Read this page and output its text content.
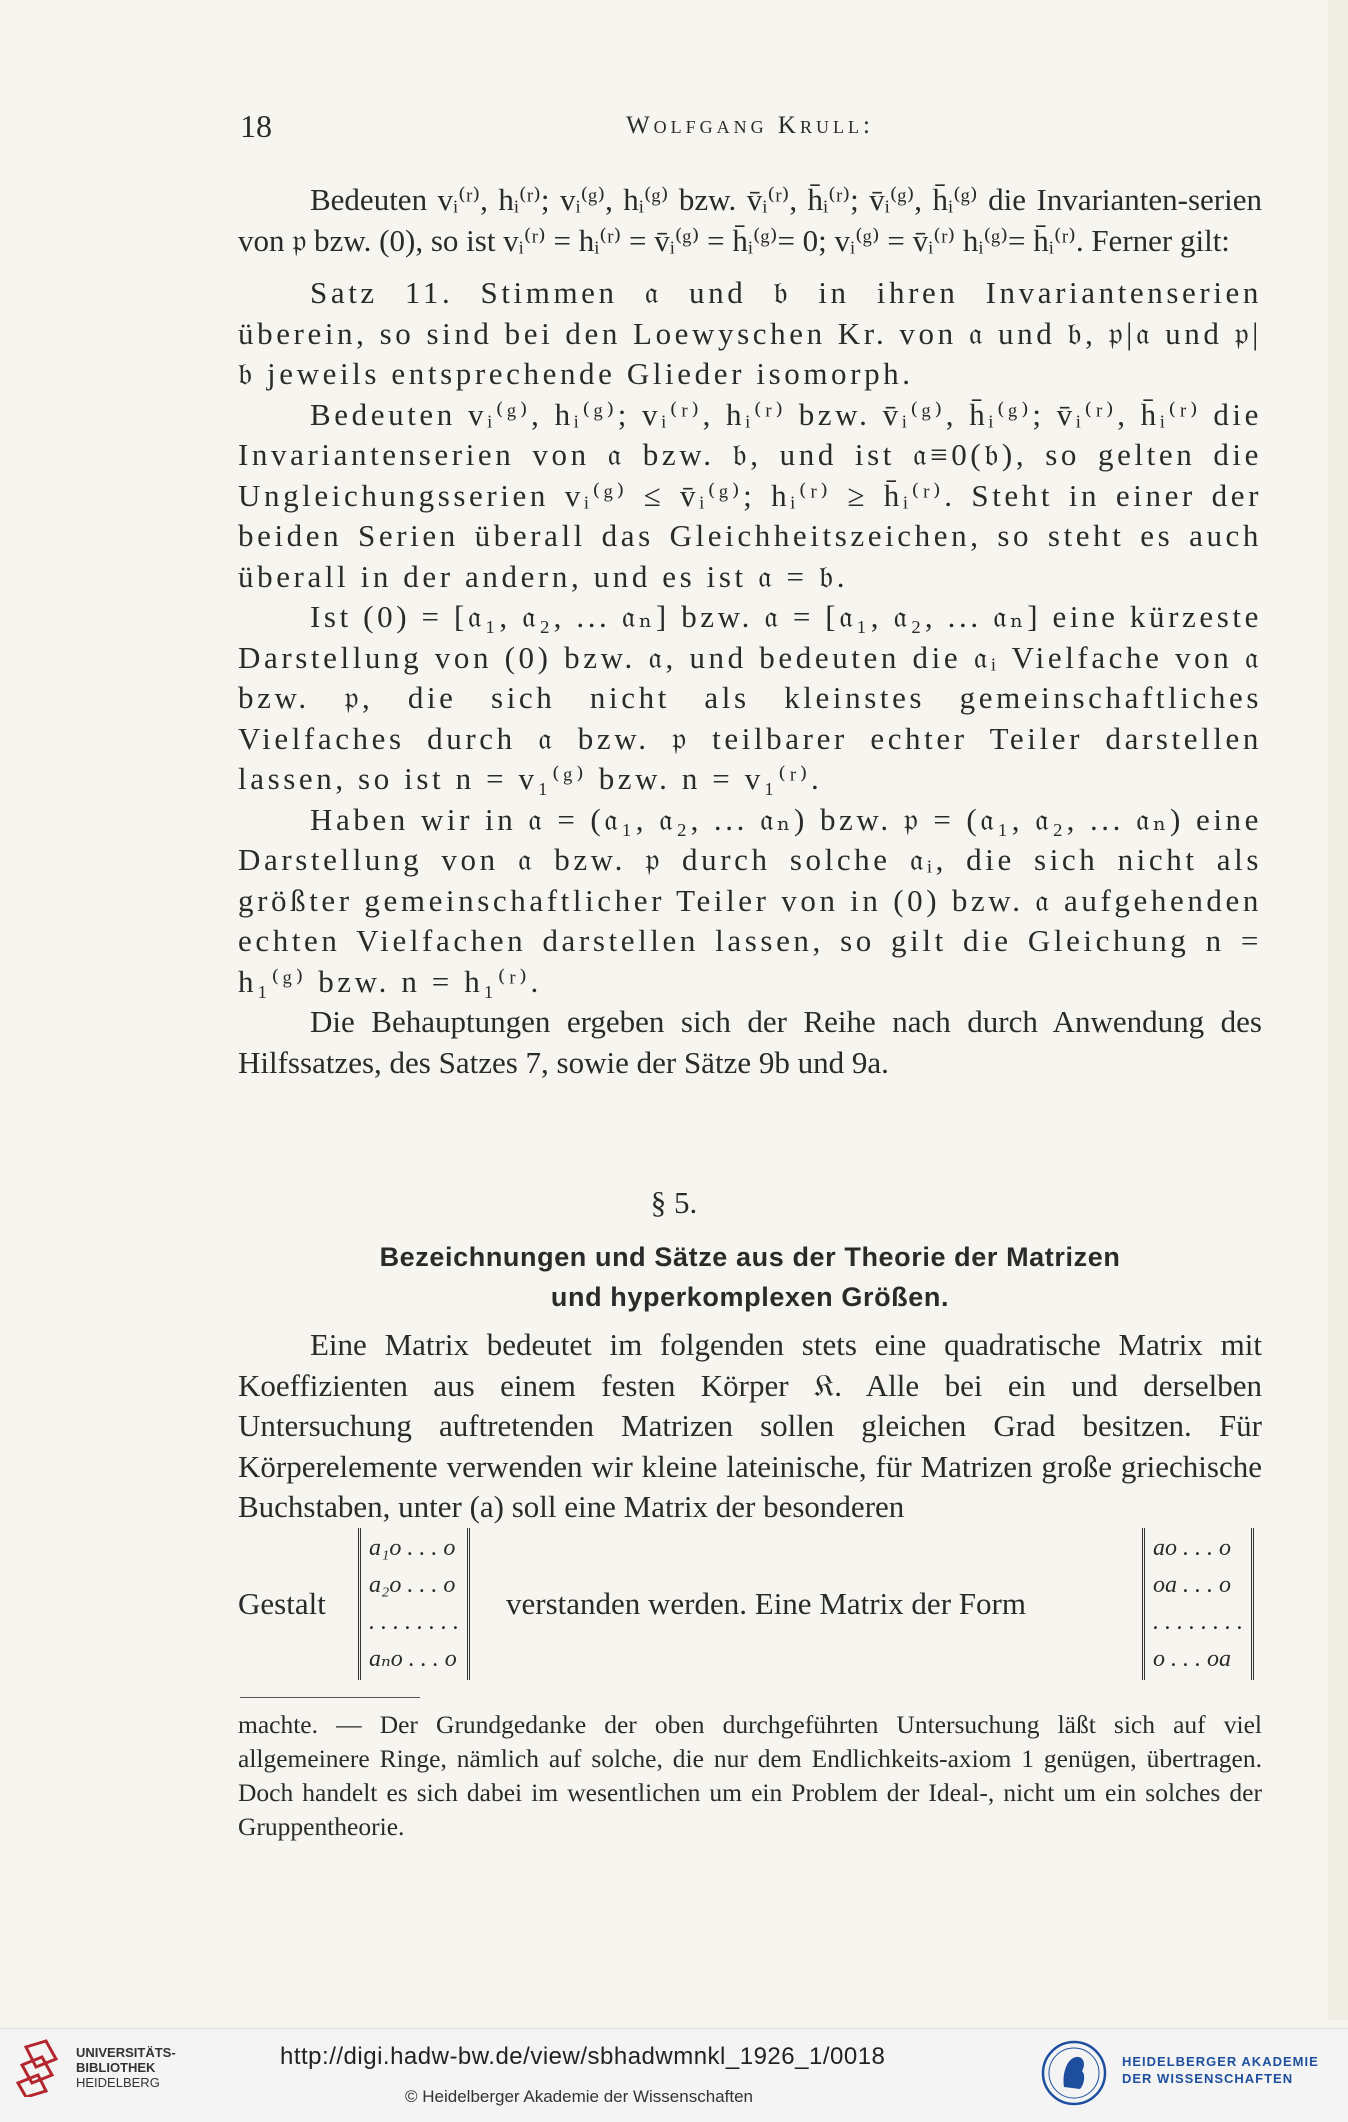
18	Wolfgang Krull:

Bedeuten vᵢ⁽ʳ⁾, hᵢ⁽ʳ⁾; vᵢ⁽ᵍ⁾, hᵢ⁽ᵍ⁾ bzw. v̄ᵢ⁽ʳ⁾, h̄ᵢ⁽ʳ⁾; v̄ᵢ⁽ᵍ⁾, h̄ᵢ⁽ᵍ⁾ die Invarianten-serien von 𝔭 bzw. (0), so ist vᵢ⁽ʳ⁾ = hᵢ⁽ʳ⁾ = v̄ᵢ⁽ᵍ⁾ = h̄ᵢ⁽ᵍ⁾= 0; vᵢ⁽ᵍ⁾ = v̄ᵢ⁽ʳ⁾ hᵢ⁽ᵍ⁾= h̄ᵢ⁽ʳ⁾. Ferner gilt:

Satz 11. Stimmen 𝔞 und 𝔟 in ihren Invariantenserien überein, so sind bei den Loewyschen Kr. von 𝔞 und 𝔟, 𝔭|𝔞 und 𝔭|𝔟 jeweils entsprechende Glieder isomorph.

Bedeuten vᵢ⁽ᵍ⁾, hᵢ⁽ᵍ⁾; vᵢ⁽ʳ⁾, hᵢ⁽ʳ⁾ bzw. v̄ᵢ⁽ᵍ⁾, h̄ᵢ⁽ᵍ⁾; v̄ᵢ⁽ʳ⁾, h̄ᵢ⁽ʳ⁾ die Invariantenserien von 𝔞 bzw. 𝔟, und ist 𝔞≡0(𝔟), so gelten die Ungleichungsserien vᵢ⁽ᵍ⁾ ≤ v̄ᵢ⁽ᵍ⁾; hᵢ⁽ʳ⁾ ≥ h̄ᵢ⁽ʳ⁾. Steht in einer der beiden Serien überall das Gleichheitszeichen, so steht es auch überall in der andern, und es ist 𝔞 = 𝔟.

Ist (0) = [𝔞₁, 𝔞₂, ... 𝔞ₙ] bzw. 𝔞 = [𝔞₁, 𝔞₂, ... 𝔞ₙ] eine kürzeste Darstellung von (0) bzw. 𝔞, und bedeuten die 𝔞ᵢ Vielfache von 𝔞 bzw. 𝔭, die sich nicht als kleinstes gemeinschaftliches Vielfaches durch 𝔞 bzw. 𝔭 teilbarer echter Teiler darstellen lassen, so ist n = v₁⁽ᵍ⁾ bzw. n = v₁⁽ʳ⁾.

Haben wir in 𝔞 = (𝔞₁, 𝔞₂, ... 𝔞ₙ) bzw. 𝔭 = (𝔞₁, 𝔞₂, ... 𝔞ₙ) eine Darstellung von 𝔞 bzw. 𝔭 durch solche 𝔞ᵢ, die sich nicht als größter gemeinschaftlicher Teiler von in (0) bzw. 𝔞 aufgehenden echten Vielfachen darstellen lassen, so gilt die Gleichung n = h₁⁽ᵍ⁾ bzw. n = h₁⁽ʳ⁾.

Die Behauptungen ergeben sich der Reihe nach durch Anwendung des Hilfssatzes, des Satzes 7, sowie der Sätze 9b und 9a.

§ 5.
Bezeichnungen und Sätze aus der Theorie der Matrizen
und hyperkomplexen Größen.

Eine Matrix bedeutet im folgenden stets eine quadratische Matrix mit Koeffizienten aus einem festen Körper 𝔎. Alle bei ein und derselben Untersuchung auftretenden Matrizen sollen gleichen Grad besitzen. Für Körperelemente verwenden wir kleine lateinische, für Matrizen große griechische Buchstaben, unter (a) soll eine Matrix der besonderen

Gestalt
a₁o . . . o
a₂o . . . o
. . . . . . . .
aₙo . . . o
verstanden werden. Eine Matrix der Form
ao . . . o
oa . . . o
. . . . . . . .
o . . . oa
machte. — Der Grundgedanke der oben durchgeführten Untersuchung läßt sich auf viel allgemeinere Ringe, nämlich auf solche, die nur dem Endlichkeits-axiom 1 genügen, übertragen. Doch handelt es sich dabei im wesentlichen um ein Problem der Ideal-, nicht um ein solches der Gruppentheorie.
UNIVERSITÄTS-
BIBLIOTHEK
HEIDELBERG
http://digi.hadw-bw.de/view/sbhadwmnkl_1926_1/0018
© Heidelberger Akademie der Wissenschaften
HEIDELBERGER AKADEMIE
DER WISSENSCHAFTEN
